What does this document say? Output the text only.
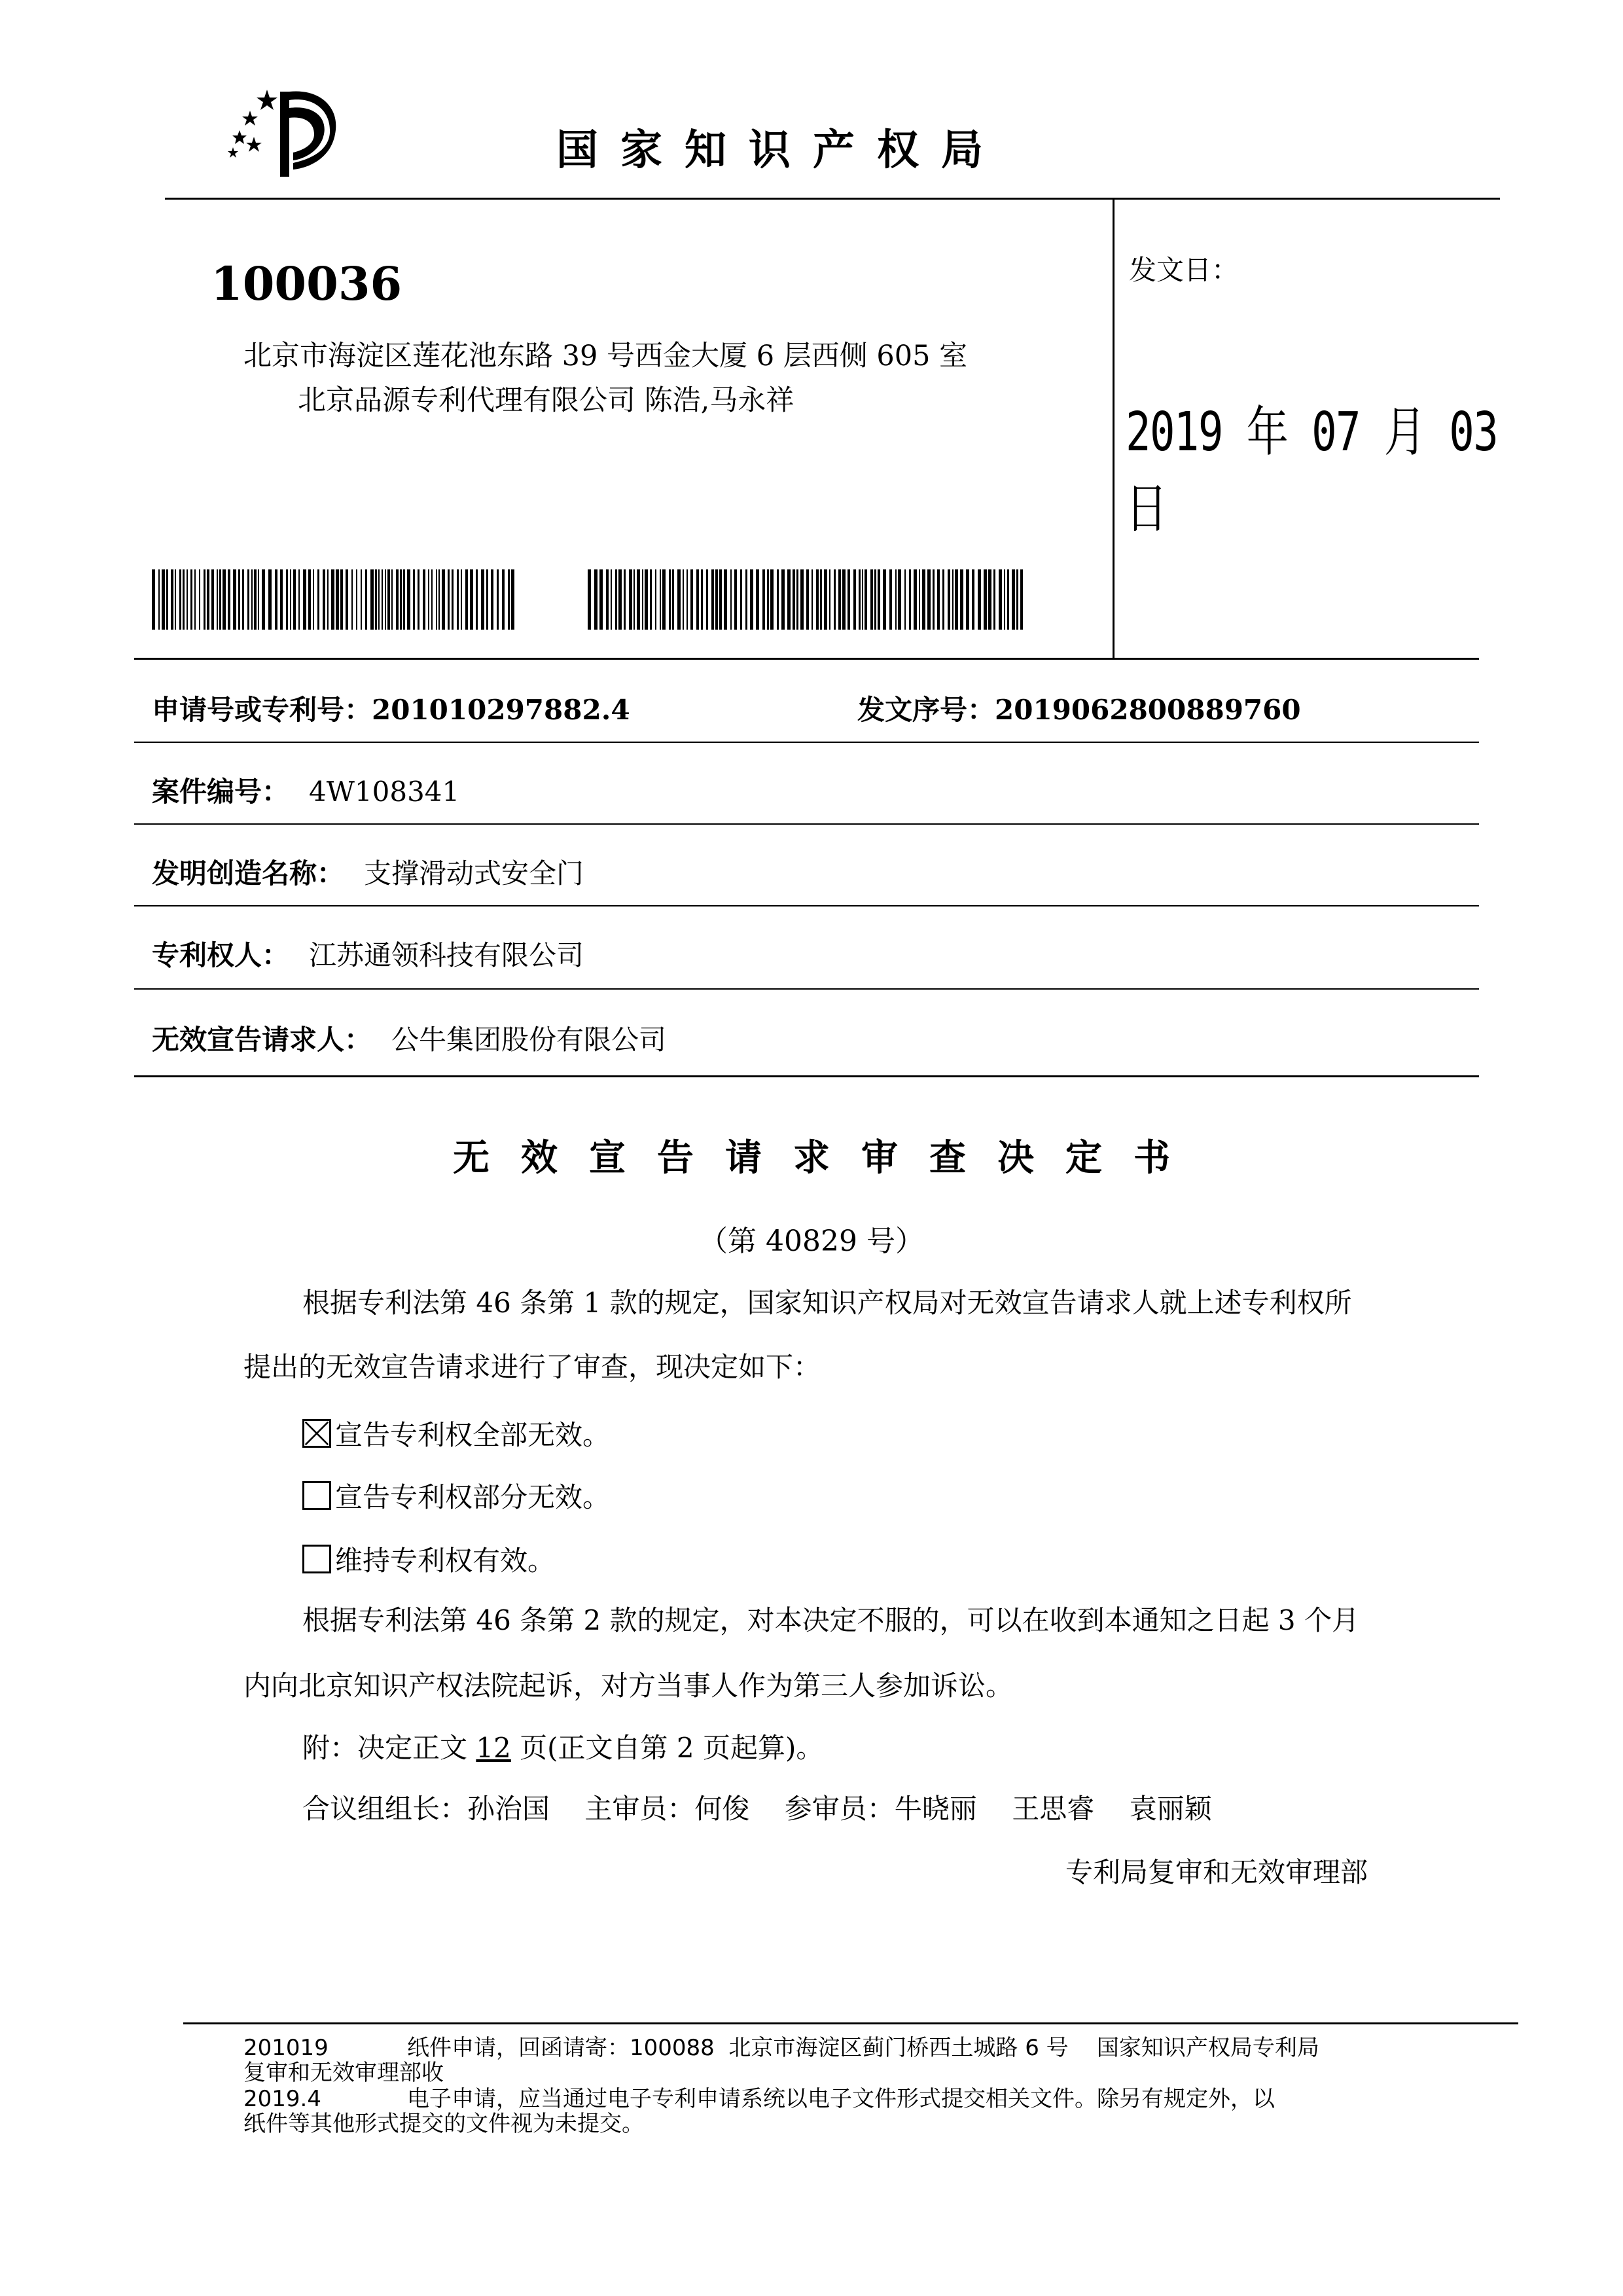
国家知识产权局
100036
北京市海淀区莲花池东路 39 号西金大厦 6 层西侧 605 室
北京品源专利代理有限公司 陈浩,马永祥
发文日：
2019 年 07 月 03 日
申请号或专利号：201010297882.4	发文序号：2019062800889760
案件编号： 4W108341
发明创造名称： 支撑滑动式安全门
专利权人： 江苏通领科技有限公司
无效宣告请求人： 公牛集团股份有限公司
无效宣告请求审查决定书
（第 40829 号）
根据专利法第 46 条第 1 款的规定，国家知识产权局对无效宣告请求人就上述专利权所
提出的无效宣告请求进行了审查，现决定如下：
宣告专利权全部无效。
宣告专利权部分无效。
维持专利权有效。
根据专利法第 46 条第 2 款的规定，对本决定不服的，可以在收到本通知之日起 3 个月
内向北京知识产权法院起诉，对方当事人作为第三人参加诉讼。
附：决定正文 12 页(正文自第 2 页起算)。
合议组组长：孙治国    主审员：何俊    参审员：牛晓丽    王思睿    袁丽颖
专利局复审和无效审理部
201019	纸件申请，回函请寄：100088  北京市海淀区蓟门桥西土城路 6 号    国家知识产权局专利局
复审和无效审理部收
2019.4	电子申请，应当通过电子专利申请系统以电子文件形式提交相关文件。除另有规定外，以
纸件等其他形式提交的文件视为未提交。
